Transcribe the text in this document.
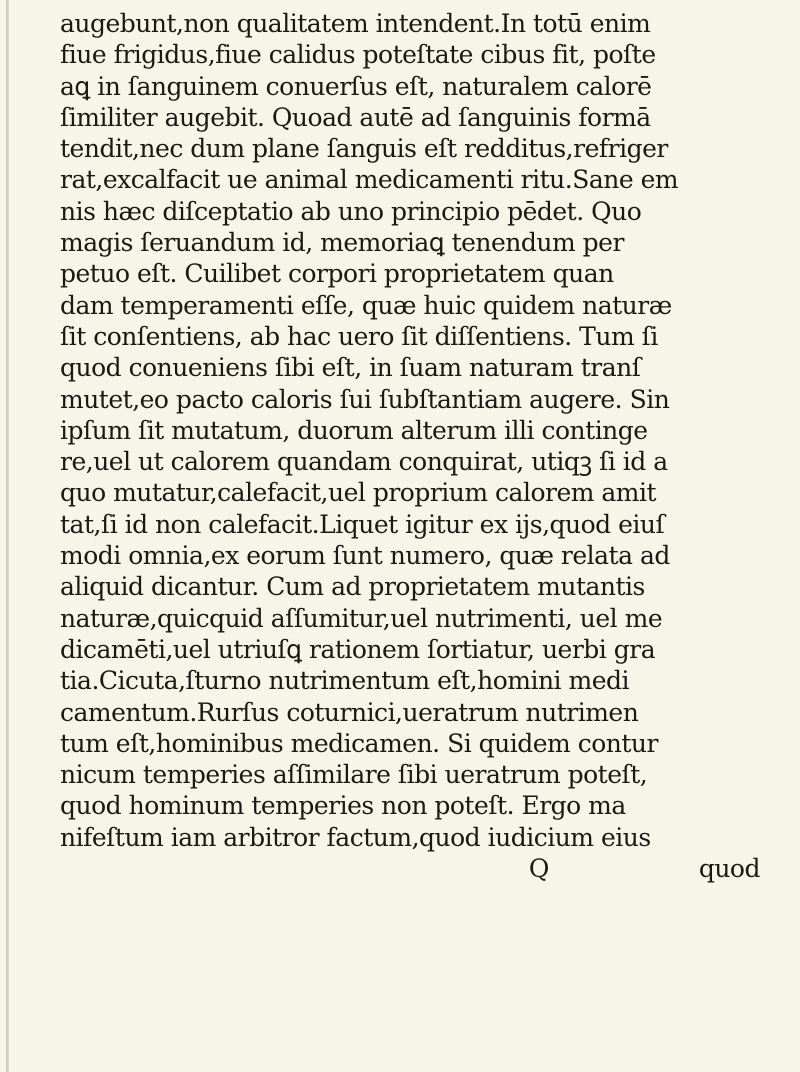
augebunt,non qualitatem intendent.In totū enim
fiue frigidus,fiue calidus poteſtate cibus fit, poſte
aꝗ in ſanguinem conuerſus eſt, naturalem calorē
ſimiliter augebit. Quoad autē ad ſanguinis formā
tendit,nec dum plane ſanguis eſt redditus,refriger
rat,excalfacit ue animal medicamenti ritu.Sane em
nis hæc diſceptatio ab uno principio pēdet. Quo
magis ſeruandum id, memoriaꝗ tenendum per
petuo eſt. Cuilibet corpori proprietatem quan
dam temperamenti eſſe, quæ huic quidem naturæ
ſit conſentiens, ab hac uero ſit diſſentiens. Tum ſi
quod conueniens ſibi eſt, in ſuam naturam tranſ
mutet,eo pacto caloris ſui ſubſtantiam augere. Sin
ipſum ſit mutatum, duorum alterum illi continge
re,uel ut calorem quandam conquirat, utiqꝫ ſi id a
quo mutatur,calefacit,uel proprium calorem amit
tat,ſi id non calefacit.Liquet igitur ex ijs,quod eiuſ
modi omnia,ex eorum ſunt numero, quæ relata ad
aliquid dicantur. Cum ad proprietatem mutantis
naturæ,quicquid aſſumitur,uel nutrimenti, uel me
dicamēti,uel utriuſꝗ rationem ſortiatur, uerbi gra
tia.Cicuta,ſturno nutrimentum eſt,homini medi
camentum.Rurſus coturnici,ueratrum nutrimen
tum eſt,hominibus medicamen. Si quidem contur
nicum temperies aſſimilare ſibi ueratrum poteſt,
quod hominum temperies non poteſt. Ergo ma
nifeſtum iam arbitror factum,quod iudicium eius
Q	quod
